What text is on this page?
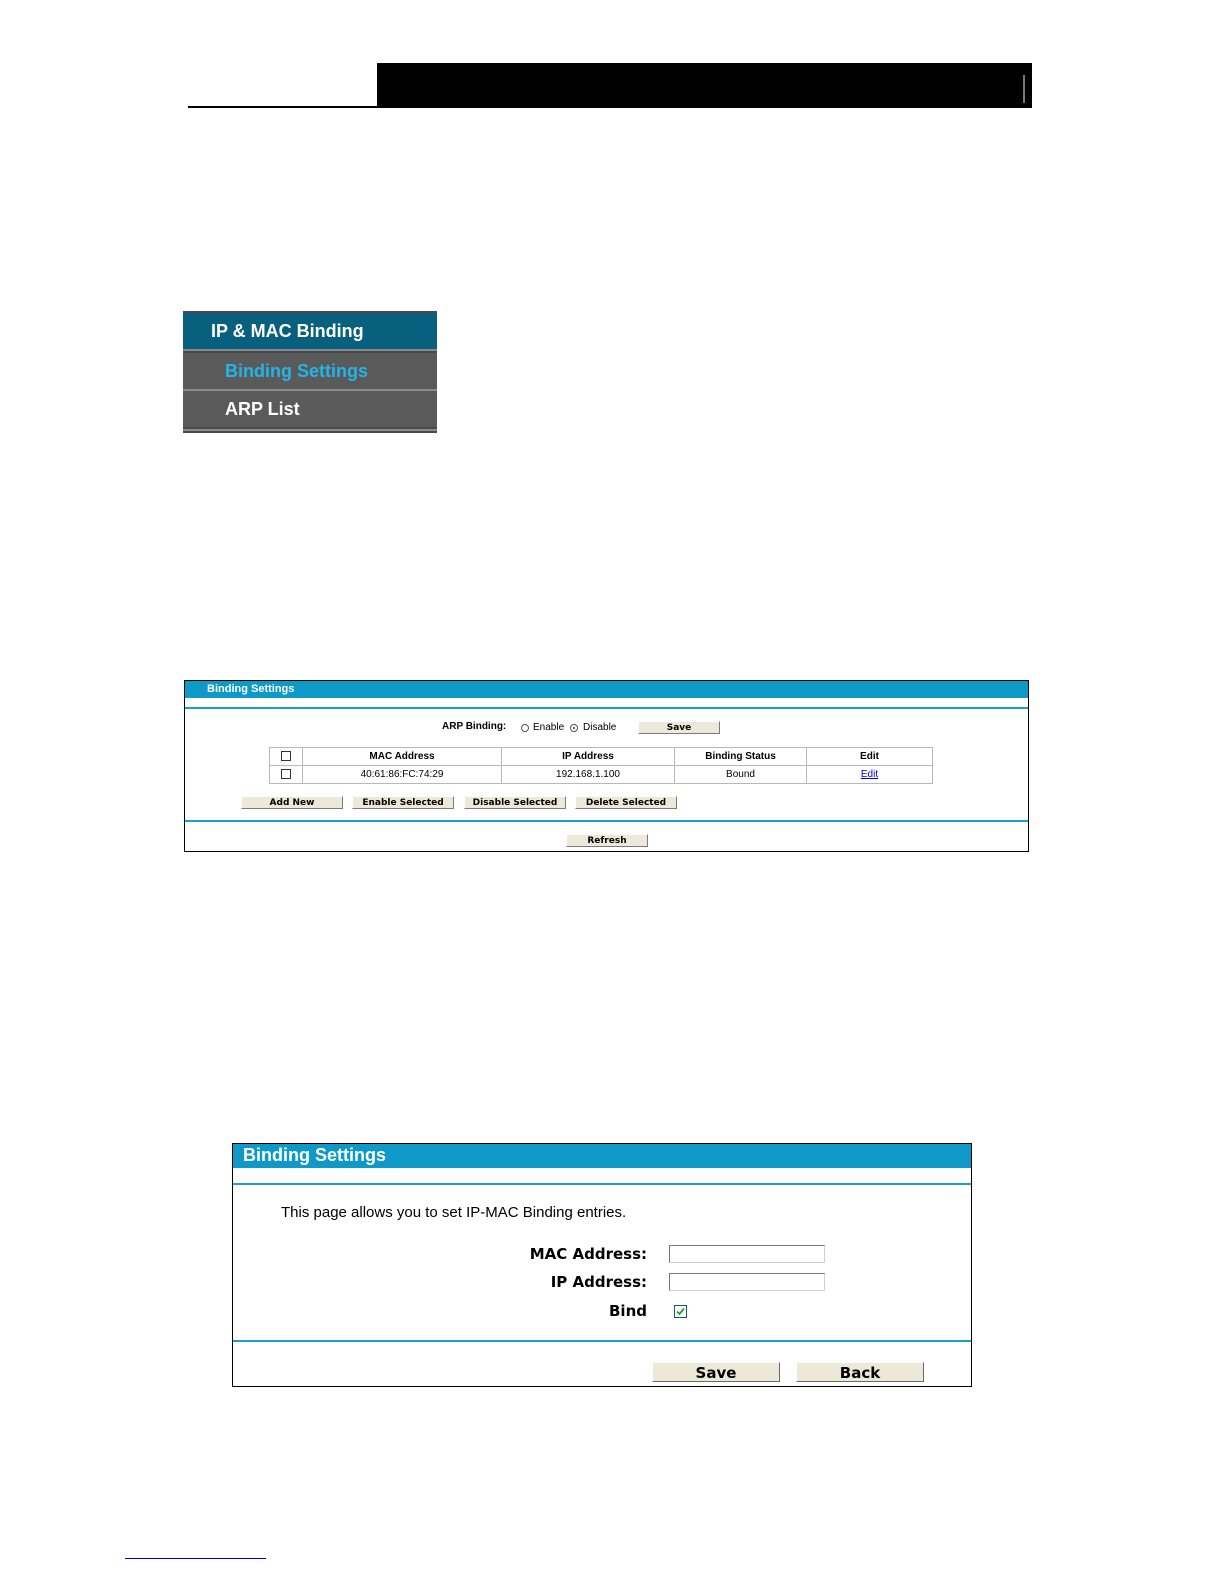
IP & MAC Binding
Binding Settings
ARP List
Binding Settings
ARP Binding:	Enable Disable	Save
	MAC Address	IP Address	Binding Status	Edit
	40:61:86:FC:74:29	192.168.1.100	Bound	Edit
Add New	Enable Selected	Disable Selected	Delete Selected
Refresh
Binding Settings
This page allows you to set IP-MAC Binding entries.
MAC Address:
IP Address:
Bind
Save	Back
